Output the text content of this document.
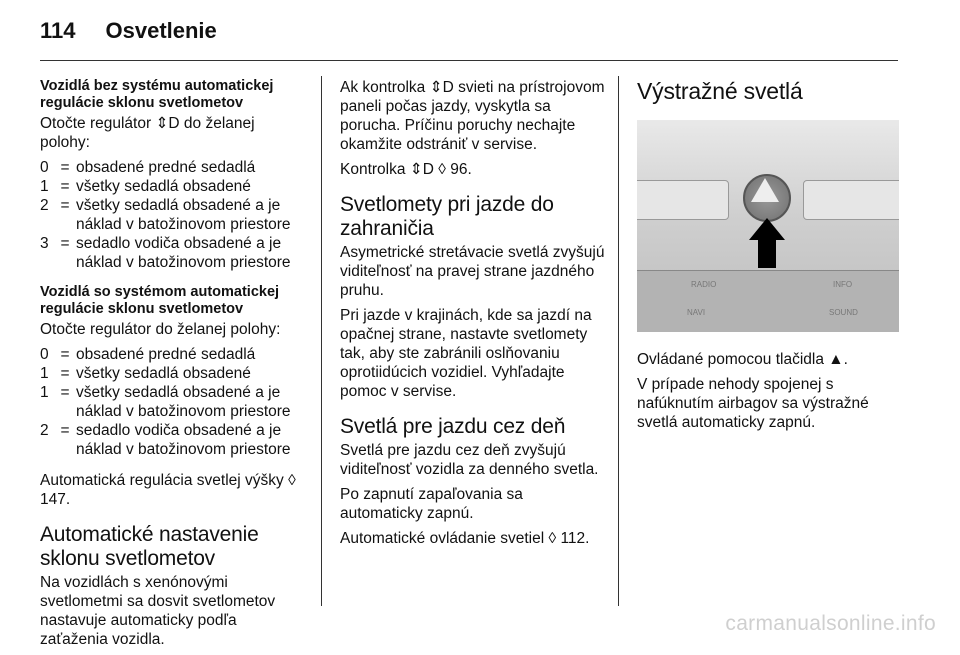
114 Osvetlenie
Vozidlá bez systému automatickej regulácie sklonu svetlometov

Otočte regulátor ⇕D do želanej polohy:

0 = obsadené predné sedadlá
1 = všetky sedadlá obsadené
2 = všetky sedadlá obsadené a je náklad v batožinovom priestore
3 = sedadlo vodiča obsadené a je náklad v batožinovom priestore
Vozidlá so systémom automatickej regulácie sklonu svetlometov

Otočte regulátor do želanej polohy:

0 = obsadené predné sedadlá
1 = všetky sedadlá obsadené
1 = všetky sedadlá obsadené a je náklad v batožinovom priestore
2 = sedadlo vodiča obsadené a je náklad v batožinovom priestore

Automatická regulácia svetlej výšky ◊ 147.

Automatické nastavenie sklonu svetlometov

Na vozidlách s xenónovými svetlometmi sa dosvit svetlometov nastavuje automaticky podľa zaťaženia vozidla.

Ak kontrolka ⇕D svieti na prístrojovom paneli počas jazdy, vyskytla sa porucha. Príčinu poruchy nechajte okamžite odstrániť v servise.

Kontrolka ⇕D ◊ 96.

Svetlomety pri jazde do zahraničia

Asymetrické stretávacie svetlá zvyšujú viditeľnosť na pravej strane jazdného pruhu.

Pri jazde v krajinách, kde sa jazdí na opačnej strane, nastavte svetlomety tak, aby ste zabránili oslňovaniu oprotiidúcich vozidiel. Vyhľadajte pomoc v servise.

Svetlá pre jazdu cez deň

Svetlá pre jazdu cez deň zvyšujú viditeľnosť vozidla za denného svetla.

Po zapnutí zapaľovania sa automaticky zapnú.

Automatické ovládanie svetiel ◊ 112.

Výstražné svetlá
RADIO	INFO
NAVI	SOUND

Ovládané pomocou tlačidla ▲.

V prípade nehody spojenej s nafúknutím airbagov sa výstražné svetlá automaticky zapnú.

carmanualsonline.info
